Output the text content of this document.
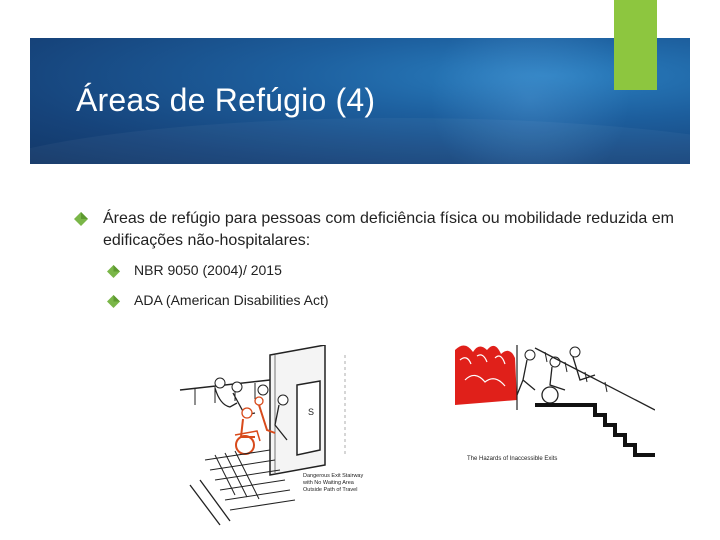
Áreas de Refúgio (4)
Áreas de refúgio para pessoas com deficiência física ou mobilidade reduzida em edificações não-hospitalares:
NBR 9050 (2004)/ 2015
ADA (American Disabilities Act)
S
Dangerous Exit Stairway
with No Waiting Area
Outside Path of Travel
The Hazards of Inaccessible Exits
